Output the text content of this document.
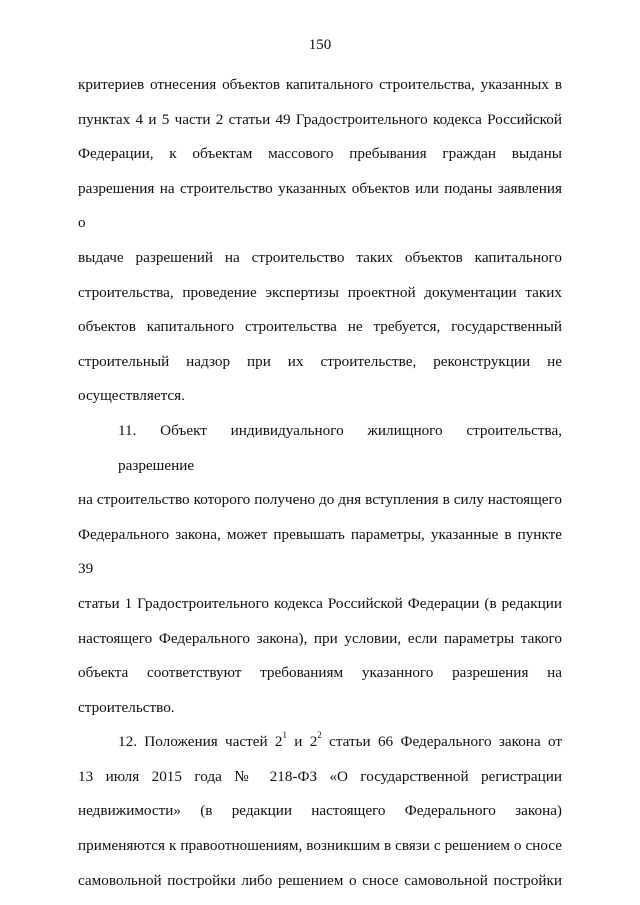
150

критериев отнесения объектов капитального строительства, указанных в
пунктах 4 и 5 части 2 статьи 49 Градостроительного кодекса Российской
Федерации, к объектам массового пребывания граждан выданы
разрешения на строительство указанных объектов или поданы заявления о
выдаче разрешений на строительство таких объектов капитального
строительства, проведение экспертизы проектной документации таких
объектов капитального строительства не требуется, государственный
строительный надзор при их строительстве, реконструкции не
осуществляется.

11. Объект индивидуального жилищного строительства, разрешение
на строительство которого получено до дня вступления в силу настоящего
Федерального закона, может превышать параметры, указанные в пункте 39
статьи 1 Градостроительного кодекса Российской Федерации (в редакции
настоящего Федерального закона), при условии, если параметры такого
объекта соответствуют требованиям указанного разрешения на
строительство.

12. Положения частей $2^1$ и $2^2$ статьи 66 Федерального закона от
13 июля 2015 года № 218-ФЗ «О государственной регистрации
недвижимости» (в редакции настоящего Федерального закона)
применяются к правоотношениям, возникшим в связи с решением о сносе
самовольной постройки либо решением о сносе самовольной постройки
